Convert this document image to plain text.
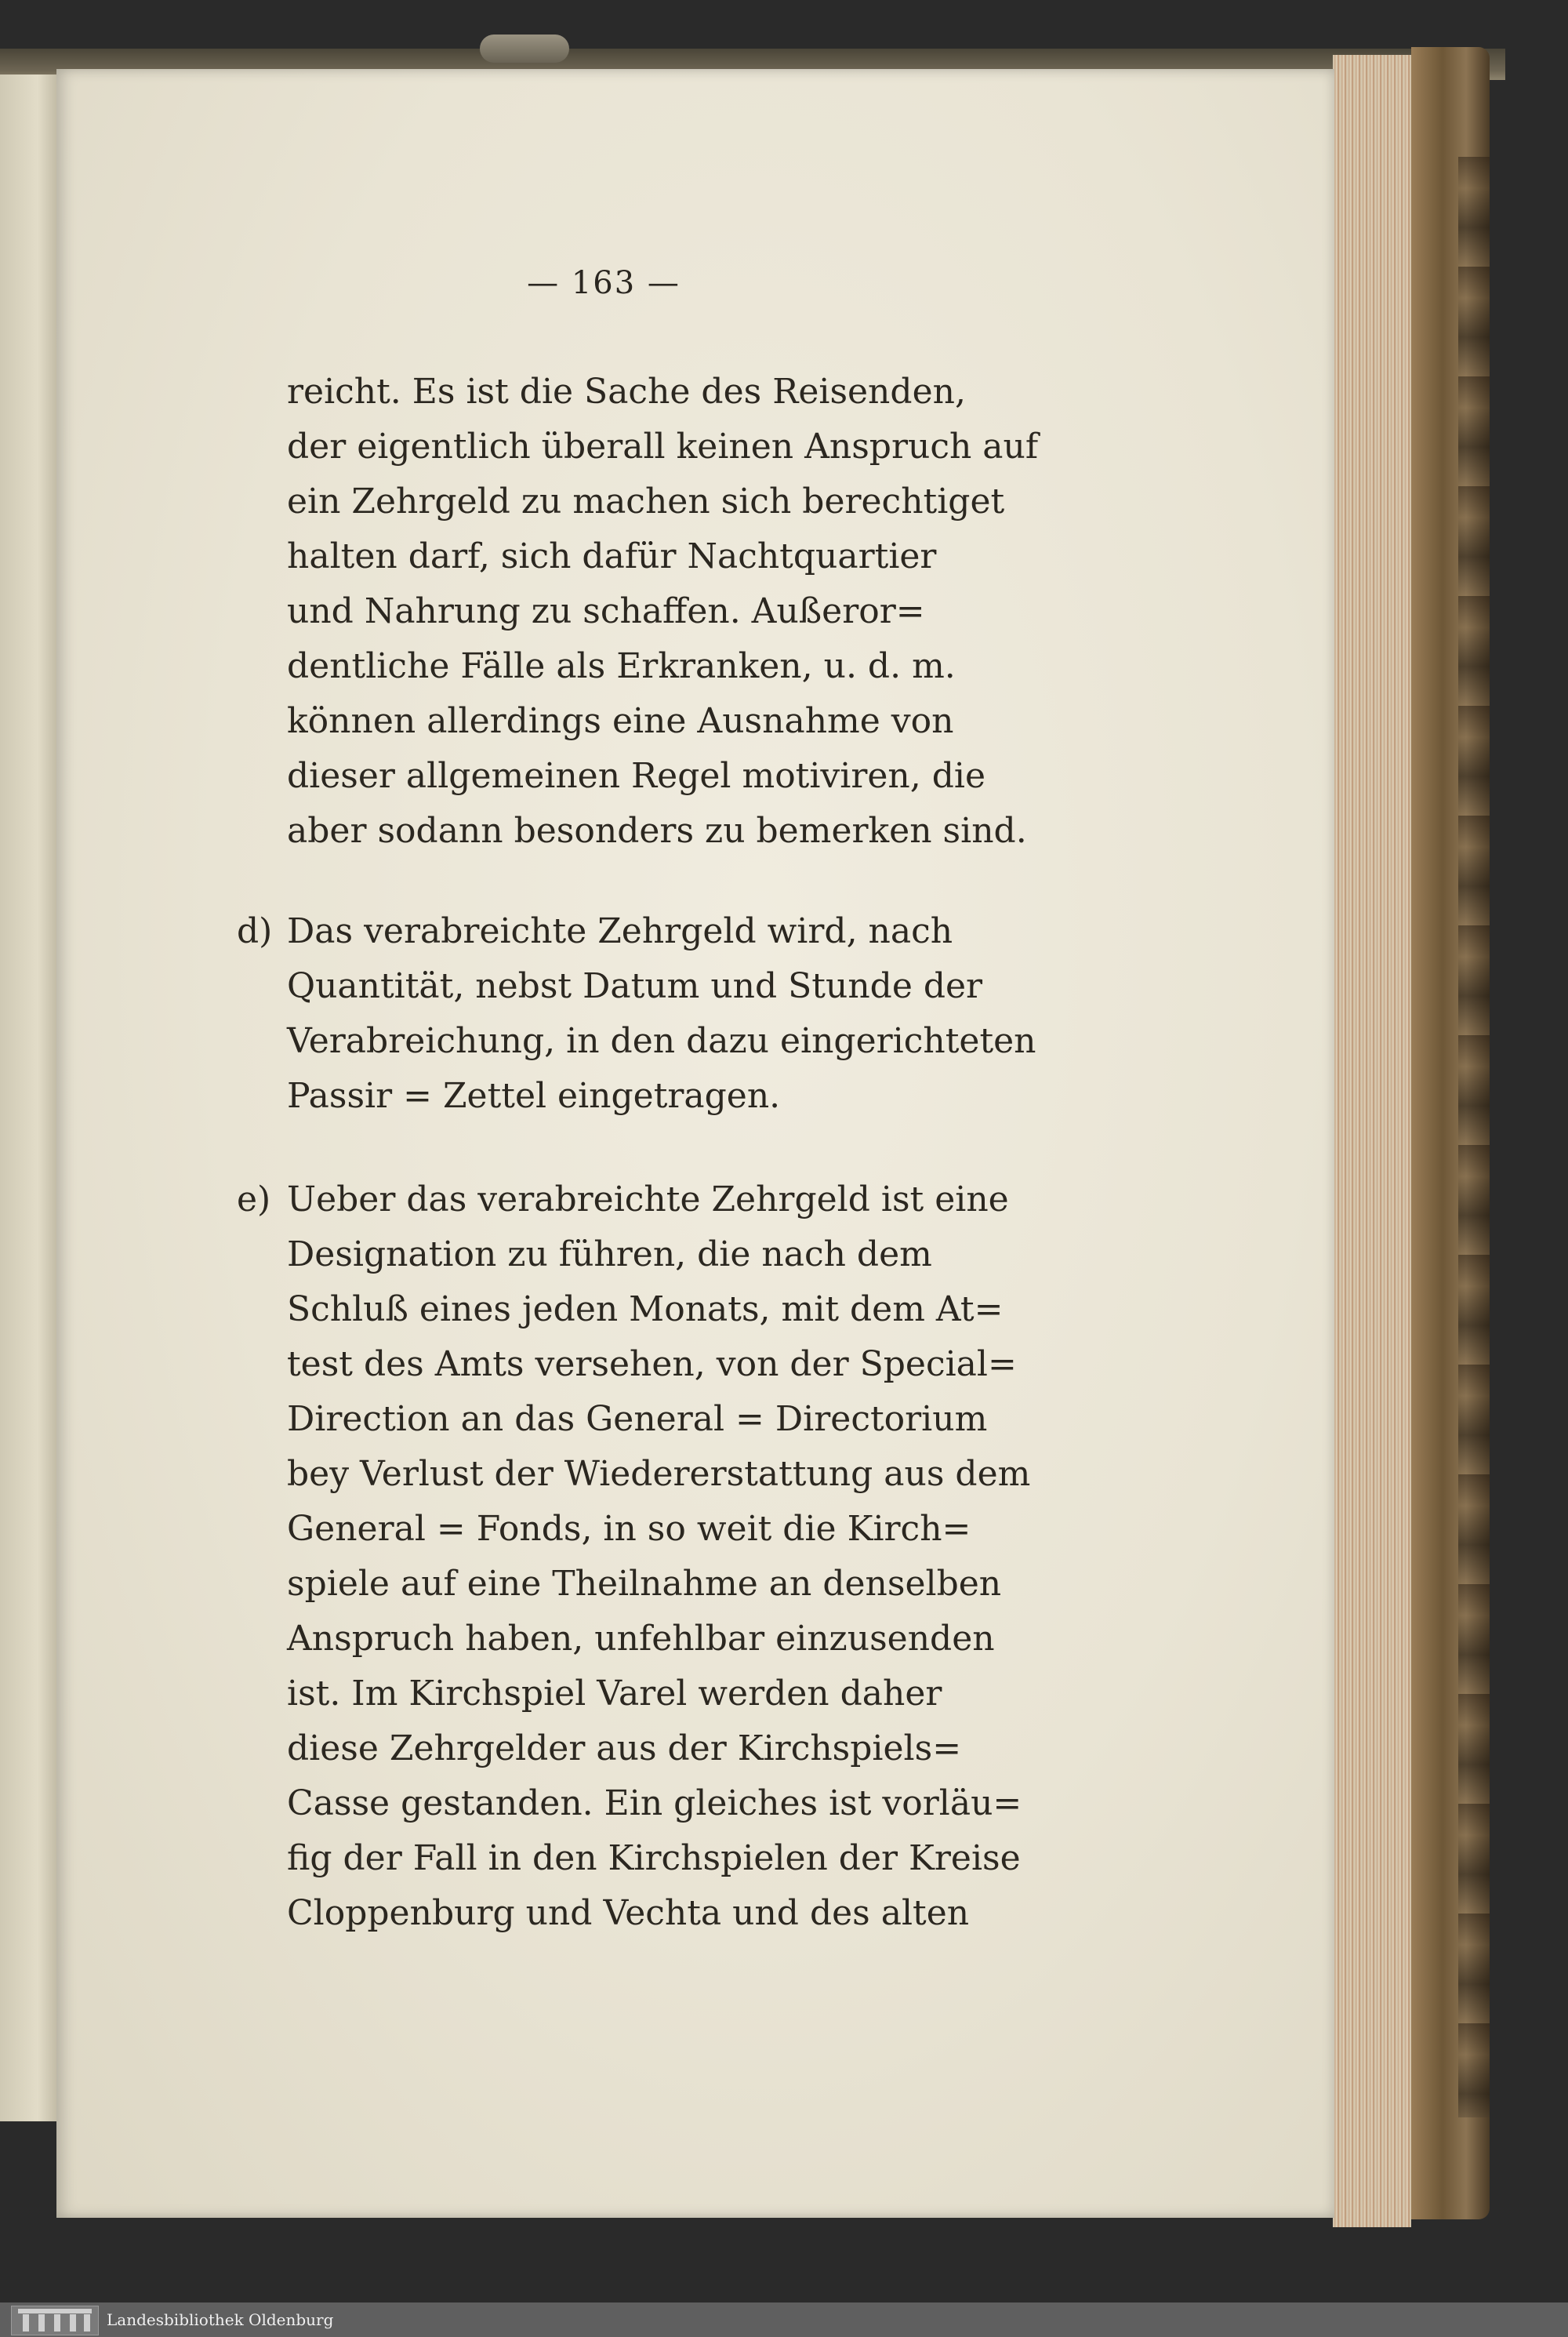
— 163 —
reicht. Es ist die Sache des Reisenden,
der eigentlich überall keinen Anspruch auf
ein Zehrgeld zu machen sich berechtiget
halten darf, sich dafür Nachtquartier
und Nahrung zu schaffen. Außeror=
dentliche Fälle als Erkranken, u. d. m.
können allerdings eine Ausnahme von
dieser allgemeinen Regel motiviren, die
aber sodann besonders zu bemerken sind.
d) Das verabreichte Zehrgeld wird, nach
Quantität, nebst Datum und Stunde der
Verabreichung, in den dazu eingerichteten
Passir = Zettel eingetragen.
e) Ueber das verabreichte Zehrgeld ist eine
Designation zu führen, die nach dem
Schluß eines jeden Monats, mit dem At=
test des Amts versehen, von der Special=
Direction an das General = Directorium
bey Verlust der Wiedererstattung aus dem
General = Fonds, in so weit die Kirch=
spiele auf eine Theilnahme an denselben
Anspruch haben, unfehlbar einzusenden
ist. Im Kirchspiel Varel werden daher
diese Zehrgelder aus der Kirchspiels=
Casse gestanden. Ein gleiches ist vorläu=
fig der Fall in den Kirchspielen der Kreise
Cloppenburg und Vechta und des alten
Landesbibliothek Oldenburg
